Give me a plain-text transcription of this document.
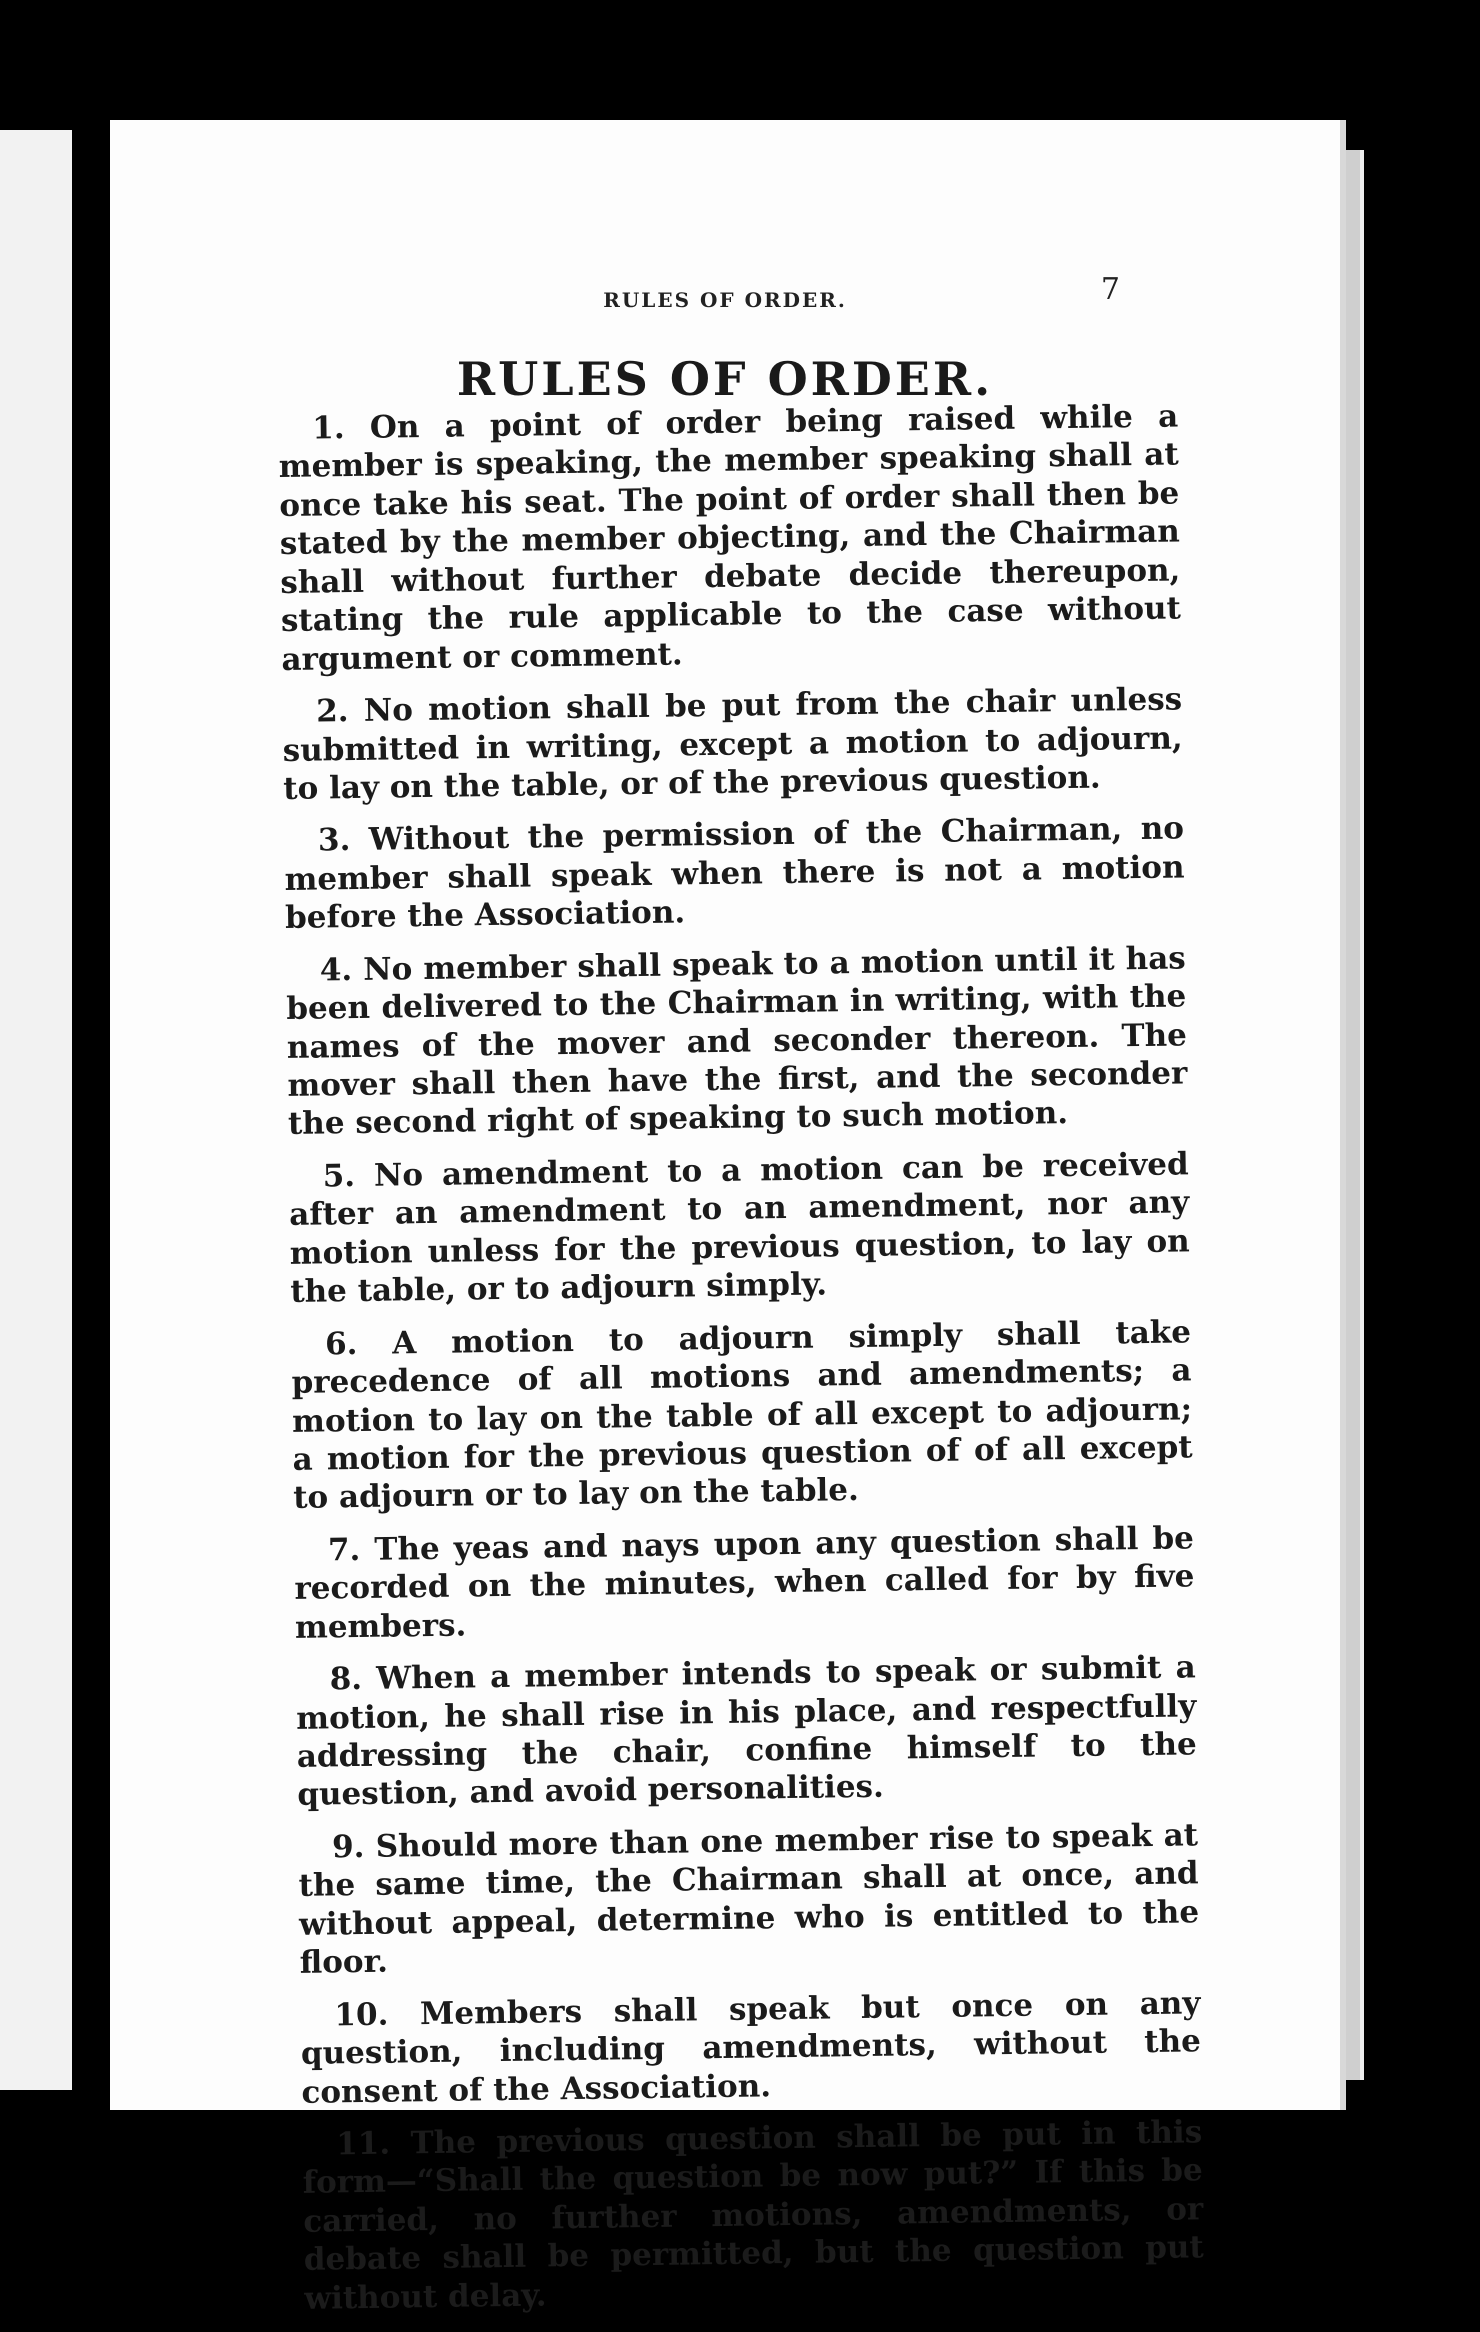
RULES OF ORDER.	7
RULES OF ORDER.

1. On a point of order being raised while a member is speaking, the member speaking shall at once take his seat. The point of order shall then be stated by the member objecting, and the Chairman shall without further debate decide thereupon, stating the rule applicable to the case without argument or comment.

2. No motion shall be put from the chair unless submitted in writing, except a motion to adjourn, to lay on the table, or of the previous question.

3. Without the permission of the Chairman, no member shall speak when there is not a motion before the Association.

4. No member shall speak to a motion until it has been delivered to the Chairman in writing, with the names of the mover and seconder thereon. The mover shall then have the first, and the seconder the second right of speaking to such motion.

5. No amendment to a motion can be received after an amendment to an amendment, nor any motion unless for the previous question, to lay on the table, or to adjourn simply.

6. A motion to adjourn simply shall take precedence of all motions and amendments; a motion to lay on the table of all except to adjourn; a motion for the previous question of of all except to adjourn or to lay on the table.

7. The yeas and nays upon any question shall be recorded on the minutes, when called for by five members.

8. When a member intends to speak or submit a motion, he shall rise in his place, and respectfully addressing the chair, confine himself to the question, and avoid personalities.

9. Should more than one member rise to speak at the same time, the Chairman shall at once, and without appeal, determine who is entitled to the floor.

10. Members shall speak but once on any question, including amendments, without the consent of the Association.

11. The previous question shall be put in this form—“Shall the question be now put?” If this be carried, no further motions, amendments, or debate shall be permitted, but the question put without delay.
